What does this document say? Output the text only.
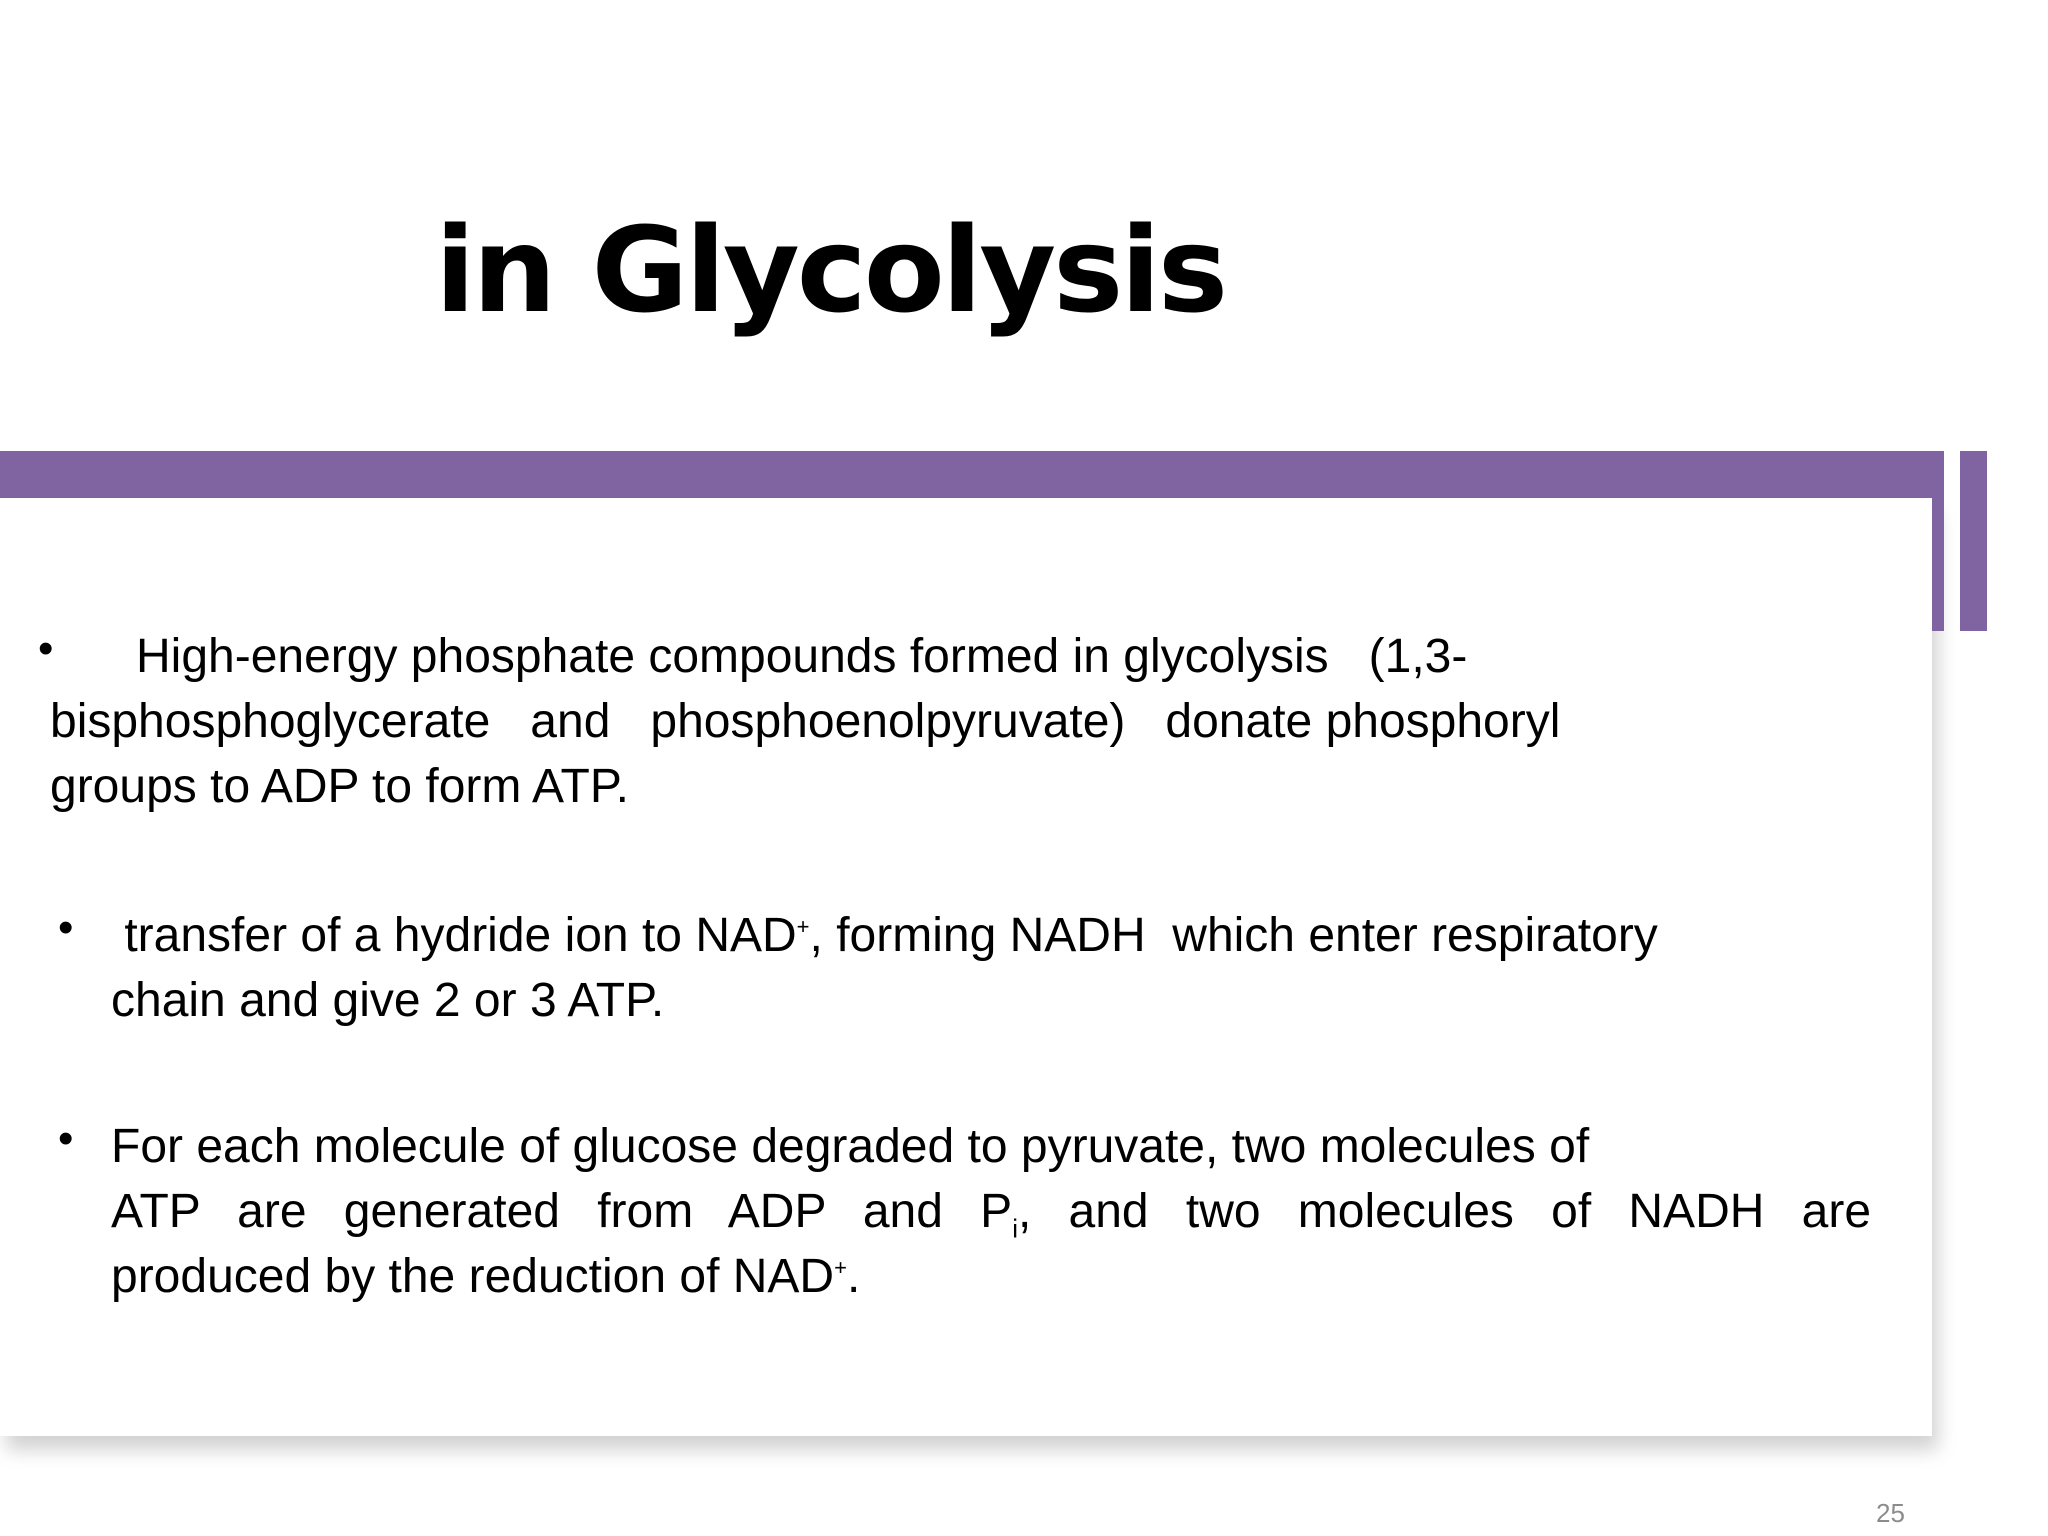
in Glycolysis
•	High-energy phosphate compounds formed in glycolysis   (1,3-
bisphosphoglycerate   and   phosphoenolpyruvate)   donate phosphoryl
groups to ADP to form ATP.
• transfer of a hydride ion to NAD+, forming NADH  which enter respiratory
chain and give 2 or 3 ATP.
• For each molecule of glucose degraded to pyruvate, two molecules of
ATP are generated from ADP and $P_i$, and two molecules of NADH are
produced by the reduction of NAD+.
25
